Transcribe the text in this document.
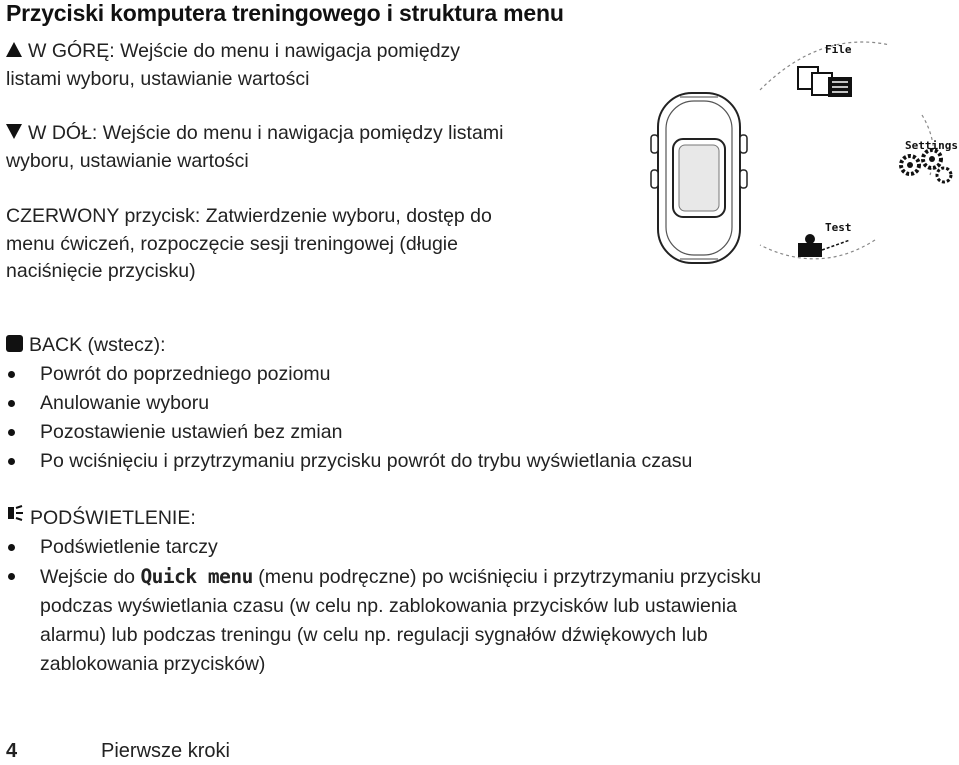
Przyciski komputera treningowego i struktura menu
W GÓRĘ: Wejście do menu i nawigacja pomiędzy
listami wyboru, ustawianie wartości
W DÓŁ: Wejście do menu i nawigacja pomiędzy listami
wyboru, ustawianie wartości
CZERWONY przycisk: Zatwierdzenie wyboru, dostęp do
menu ćwiczeń, rozpoczęcie sesji treningowej (długie
naciśnięcie przycisku)
BACK (wstecz):
Powrót do poprzedniego poziomu
Anulowanie wyboru
Pozostawienie ustawień bez zmian
Po wciśnięciu i przytrzymaniu przycisku powrót do trybu wyświetlania czasu
PODŚWIETLENIE:
Podświetlenie tarczy
Wejście do Quick menu (menu podręczne) po wciśnięciu i przytrzymaniu przycisku
podczas wyświetlania czasu (w celu np. zablokowania przycisków lub ustawienia
alarmu) lub podczas treningu (w celu np. regulacji sygnałów dźwiękowych lub
zablokowania przycisków)
File
Settings
Test
4	Pierwsze kroki
